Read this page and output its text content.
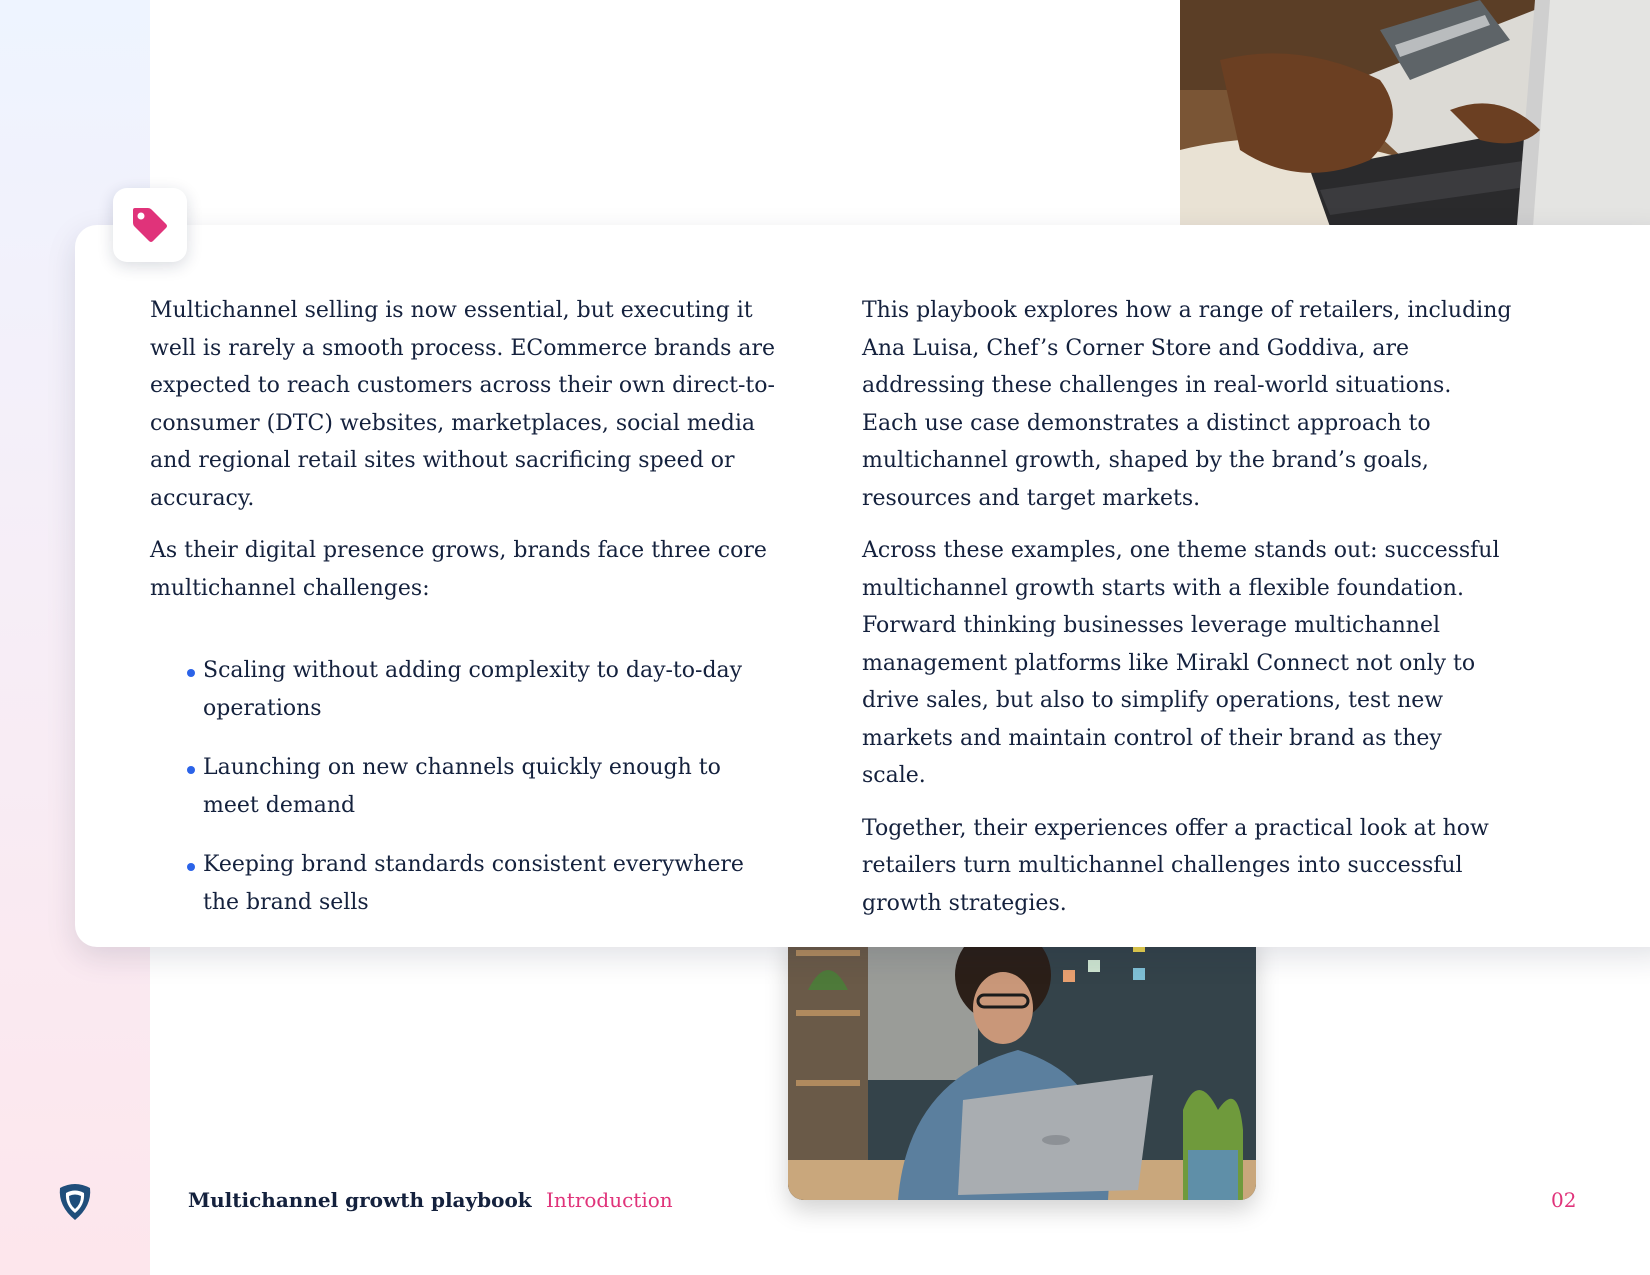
Multichannel selling is now essential, but executing it well is rarely a smooth process. ECommerce brands are expected to reach customers across their own direct-to-consumer (DTC) websites, marketplaces, social media and regional retail sites without sacrificing speed or accuracy.

As their digital presence grows, brands face three core multichannel challenges:

Scaling without adding complexity to day-to-day operations
Launching on new channels quickly enough to meet demand
Keeping brand standards consistent everywhere the brand sells

This playbook explores how a range of retailers, including Ana Luisa, Chef’s Corner Store and Goddiva, are addressing these challenges in real-world situations. Each use case demonstrates a distinct approach to multichannel growth, shaped by the brand’s goals, resources and target markets.

Across these examples, one theme stands out: successful multichannel growth starts with a flexible foundation. Forward thinking businesses leverage multichannel management platforms like Mirakl Connect not only to drive sales, but also to simplify operations, test new markets and maintain control of their brand as they scale.

Together, their experiences offer a practical look at how retailers turn multichannel challenges into successful growth strategies.

Multichannel growth playbook Introduction	02
